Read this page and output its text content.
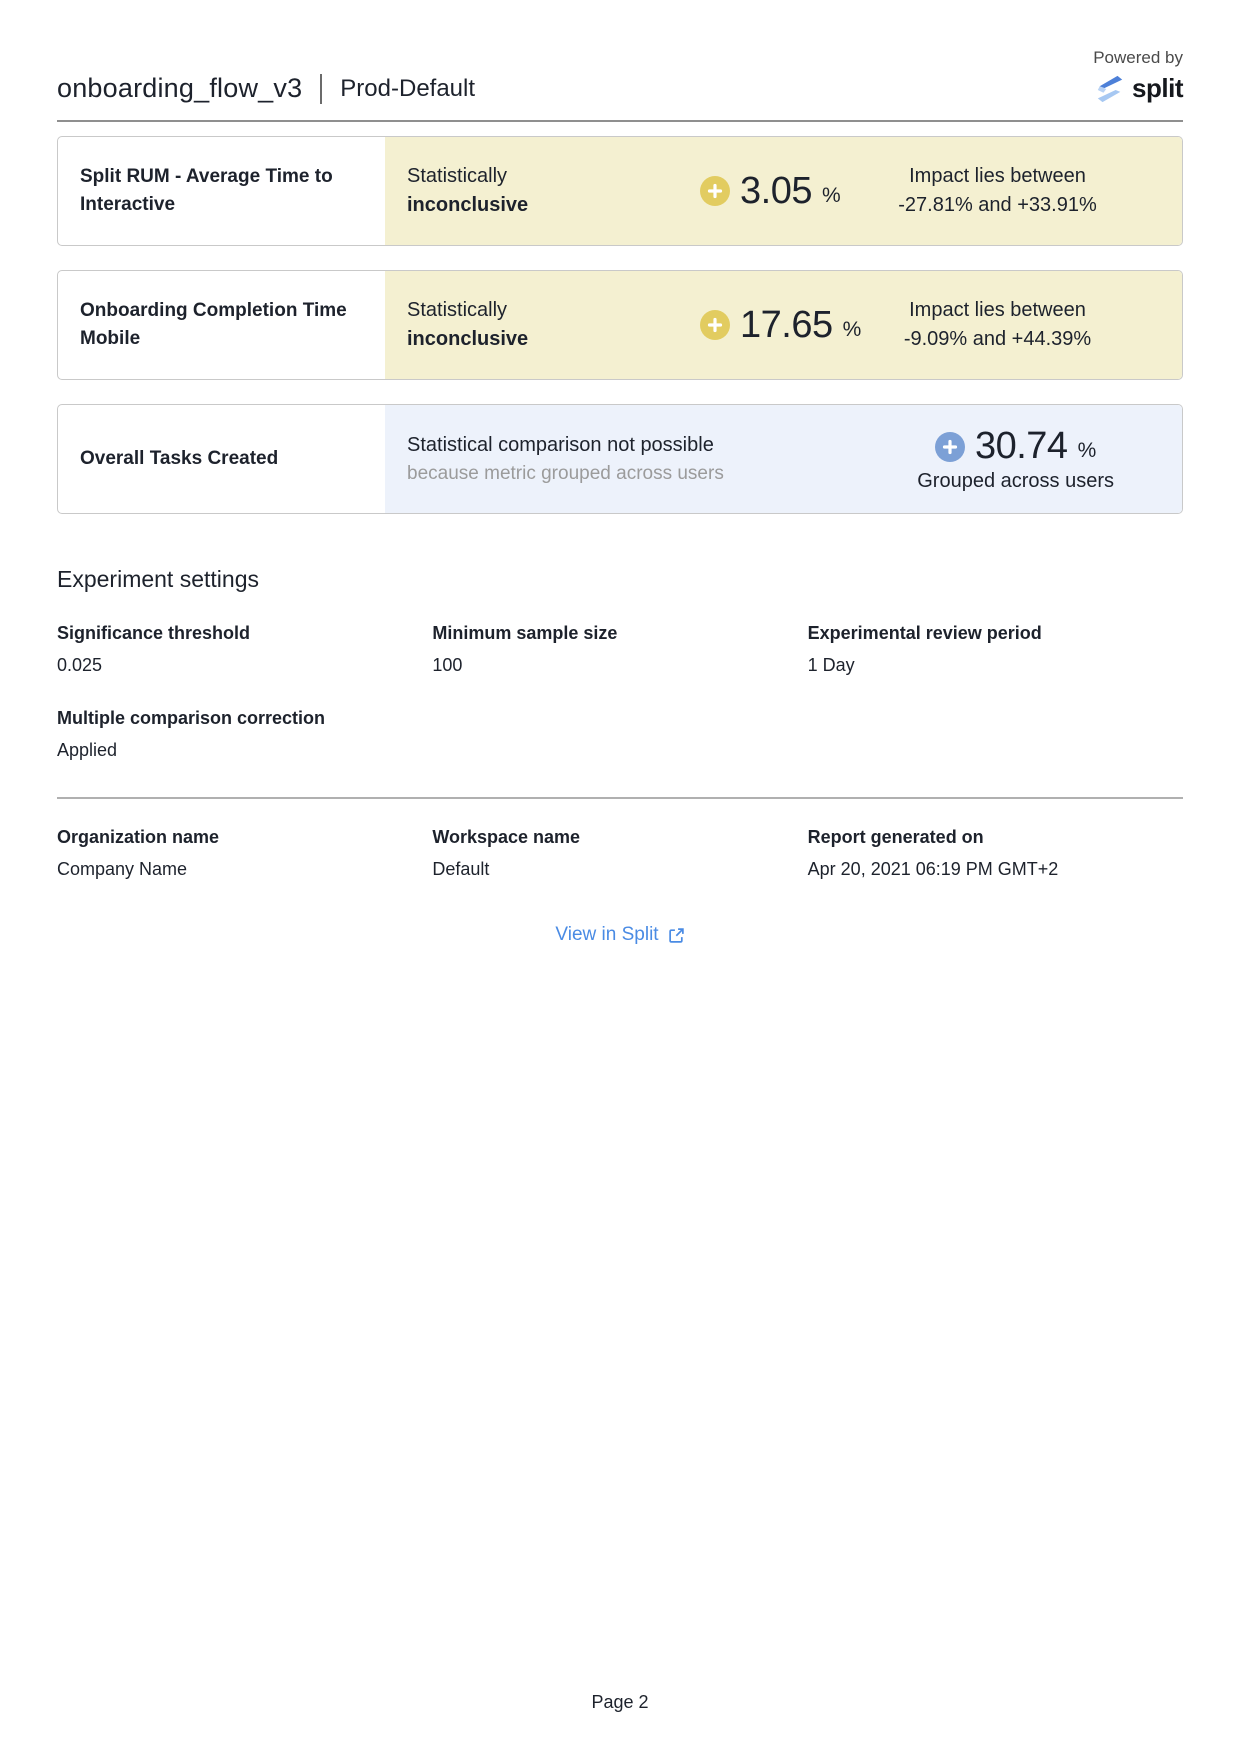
onboarding_flow_v3 Prod-Default
Powered by
split
Split RUM - Average Time to Interactive
Statistically
inconclusive	3.05 %
Impact lies between
-27.81% and +33.91%
Onboarding Completion Time Mobile
Statistically
inconclusive	17.65 %
Impact lies between
-9.09% and +44.39%
Overall Tasks Created
Statistical comparison not possible
because metric grouped across users
30.74 %
Grouped across users
Experiment settings
Significance threshold
0.025
Minimum sample size
100
Experimental review period
1 Day
Multiple comparison correction
Applied
Organization name
Company Name
Workspace name
Default
Report generated on
Apr 20, 2021 06:19 PM GMT+2
View in Split
Page 2
